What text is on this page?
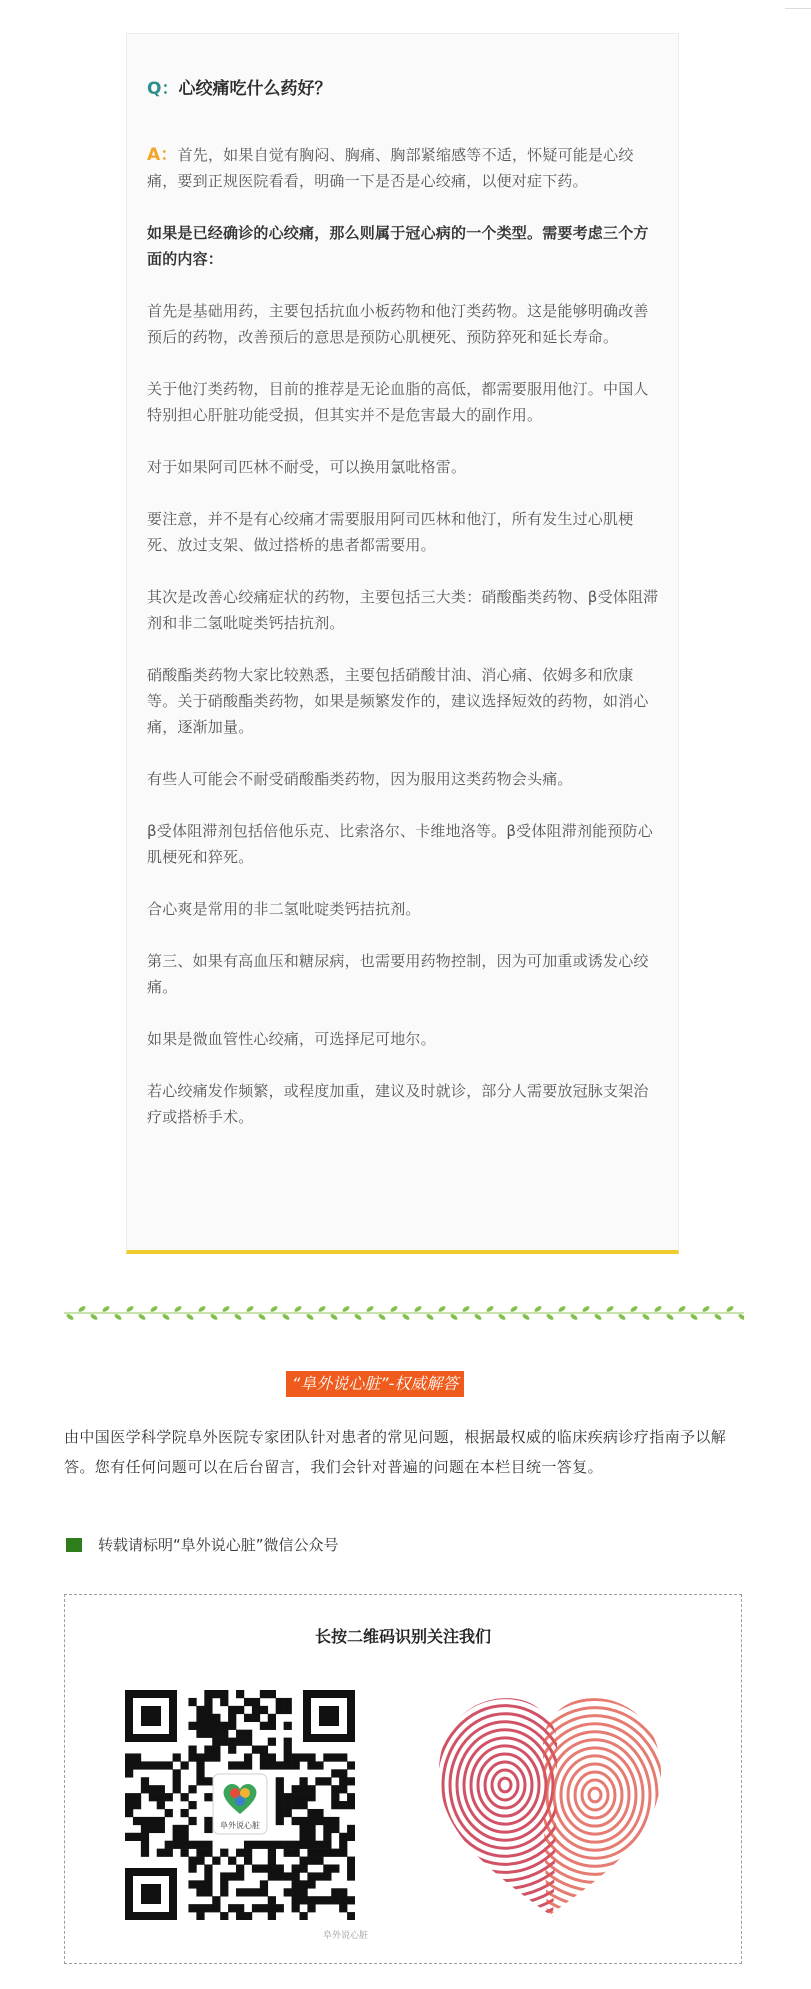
Q：心绞痛吃什么药好？

A：首先，如果自觉有胸闷、胸痛、胸部紧缩感等不适，怀疑可能是心绞痛，要到正规医院看看，明确一下是否是心绞痛，以便对症下药。

如果是已经确诊的心绞痛，那么则属于冠心病的一个类型。需要考虑三个方面的内容：

首先是基础用药，主要包括抗血小板药物和他汀类药物。这是能够明确改善预后的药物，改善预后的意思是预防心肌梗死、预防猝死和延长寿命。

关于他汀类药物，目前的推荐是无论血脂的高低，都需要服用他汀。中国人特别担心肝脏功能受损，但其实并不是危害最大的副作用。

对于如果阿司匹林不耐受，可以换用氯吡格雷。

要注意，并不是有心绞痛才需要服用阿司匹林和他汀，所有发生过心肌梗死、放过支架、做过搭桥的患者都需要用。

其次是改善心绞痛症状的药物，主要包括三大类：硝酸酯类药物、β受体阻滞剂和非二氢吡啶类钙拮抗剂。

硝酸酯类药物大家比较熟悉，主要包括硝酸甘油、消心痛、依姆多和欣康等。关于硝酸酯类药物，如果是频繁发作的，建议选择短效的药物，如消心痛，逐渐加量。

有些人可能会不耐受硝酸酯类药物，因为服用这类药物会头痛。

β受体阻滞剂包括倍他乐克、比索洛尔、卡维地洛等。β受体阻滞剂能预防心肌梗死和猝死。

合心爽是常用的非二氢吡啶类钙拮抗剂。

第三、如果有高血压和糖尿病，也需要用药物控制，因为可加重或诱发心绞痛。

如果是微血管性心绞痛，可选择尼可地尔。

若心绞痛发作频繁，或程度加重，建议及时就诊，部分人需要放冠脉支架治疗或搭桥手术。

“阜外说心脏”-权威解答

由中国医学科学院阜外医院专家团队针对患者的常见问题，根据最权威的临床疾病诊疗指南予以解答。您有任何问题可以在后台留言，我们会针对普遍的问题在本栏目统一答复。

转载请标明“阜外说心脏”微信公众号
长按二维码识别关注我们
阜外说心脏
阜外说心脏
